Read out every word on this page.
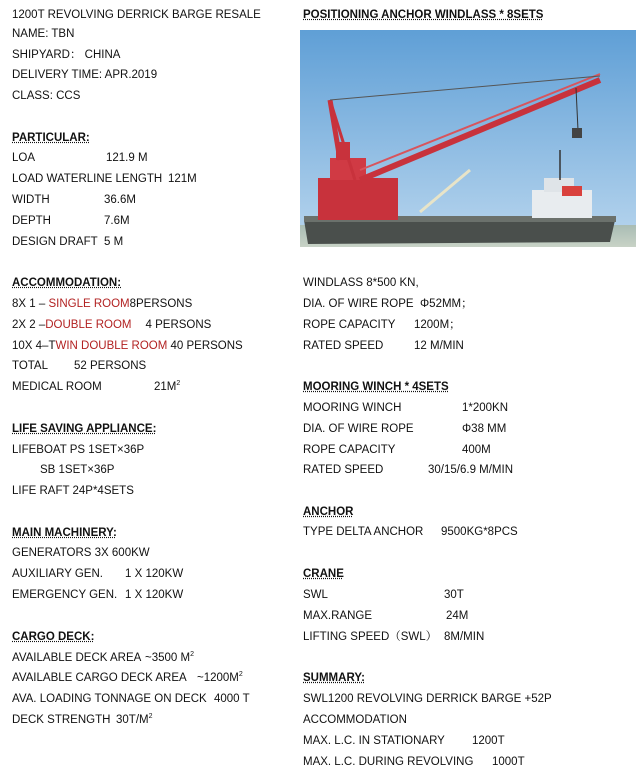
1200T REVOLVING DERRICK BARGE RESALE
NAME: TBN
SHIPYARD： CHINA
DELIVERY TIME: APR.2019
CLASS: CCS
PARTICULAR:
LOA	121.9 M
LOAD WATERLINE LENGTH 121M
WIDTH	36.6M
DEPTH	7.6M
DESIGN DRAFT 5 M
ACCOMMODATION:
8X 1 – SINGLE ROOM8PERSONS
2X 2 –DOUBLE ROOM 4 PERSONS
10X 4–TWIN DOUBLE ROOM 40 PERSONS
TOTAL 52 PERSONS
MEDICAL ROOM	$21M^2$
LIFE SAVING APPLIANCE:
LIFEBOAT PS 1SET×36P
SB 1SET×36P
LIFE RAFT 24P*4SETS
MAIN MACHINERY:
GENERATORS 3X 600KW
AUXILIARY GEN. 1 X 120KW
EMERGENCY GEN. 1 X 120KW
CARGO DECK:
AVAILABLE DECK AREA ~3500 $M^2$
AVAILABLE CARGO DECK AREA $\sim 1200M^2$
AVA. LOADING TONNAGE ON DECK 4000 T
DECK STRENGTH $30T/M^2$
POSITIONING ANCHOR WINDLASS * 8SETS
WINDLASS 8*500 KN,
DIA. OF WIRE ROPE Φ52MM；
ROPE CAPACITY 1200M；
RATED SPEED	12 M/MIN
MOORING WINCH * 4SETS
MOORING WINCH	1*200KN
DIA. OF WIRE ROPE	Φ38 MM
ROPE CAPACITY	400M
RATED SPEED	30/15/6.9 M/MIN
ANCHOR
TYPE DELTA ANCHOR 9500KG*8PCS
CRANE
SWL	30T
MAX.RANGE	24M
LIFTING SPEED（SWL） 8M/MIN
SUMMARY:
SWL1200 REVOLVING DERRICK BARGE +52P
ACCOMMODATION
MAX. L.C. IN STATIONARY 1200T
MAX. L.C. DURING REVOLVING 1000T
